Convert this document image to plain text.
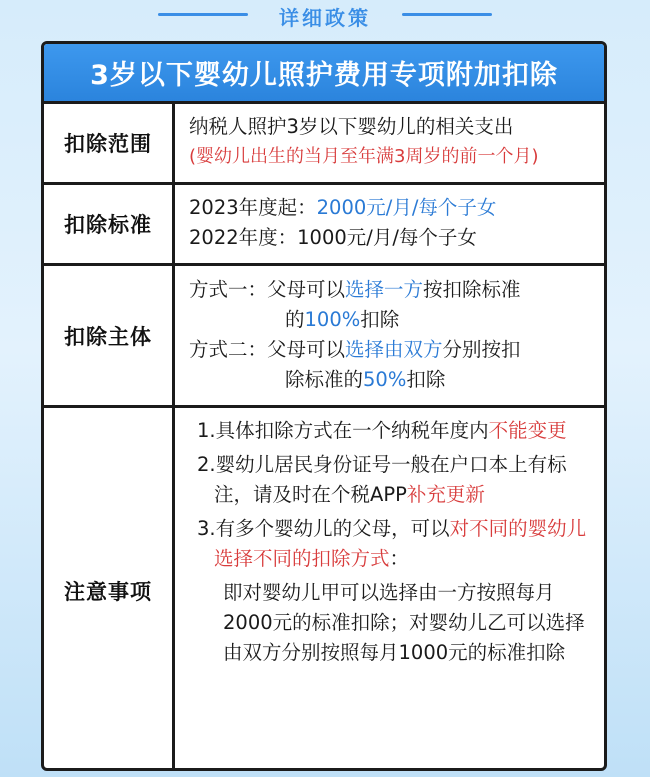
详细政策
3岁以下婴幼儿照护费用专项附加扣除
扣除范围
纳税人照护3岁以下婴幼儿的相关支出
(婴幼儿出生的当月至年满3周岁的前一个月)
扣除标准
2023年度起：2000元/月/每个子女
2022年度：1000元/月/每个子女
扣除主体
方式一：父母可以选择一方按扣除标准
的100%扣除
方式二：父母可以选择由双方分别按扣
除标准的50%扣除
注意事项
1.具体扣除方式在一个纳税年度内不能变更
2.婴幼儿居民身份证号一般在户口本上有标注，请及时在个税APP补充更新
3.有多个婴幼儿的父母，可以对不同的婴幼儿选择不同的扣除方式：
即对婴幼儿甲可以选择由一方按照每月2000元的标准扣除；对婴幼儿乙可以选择由双方分别按照每月1000元的标准扣除
